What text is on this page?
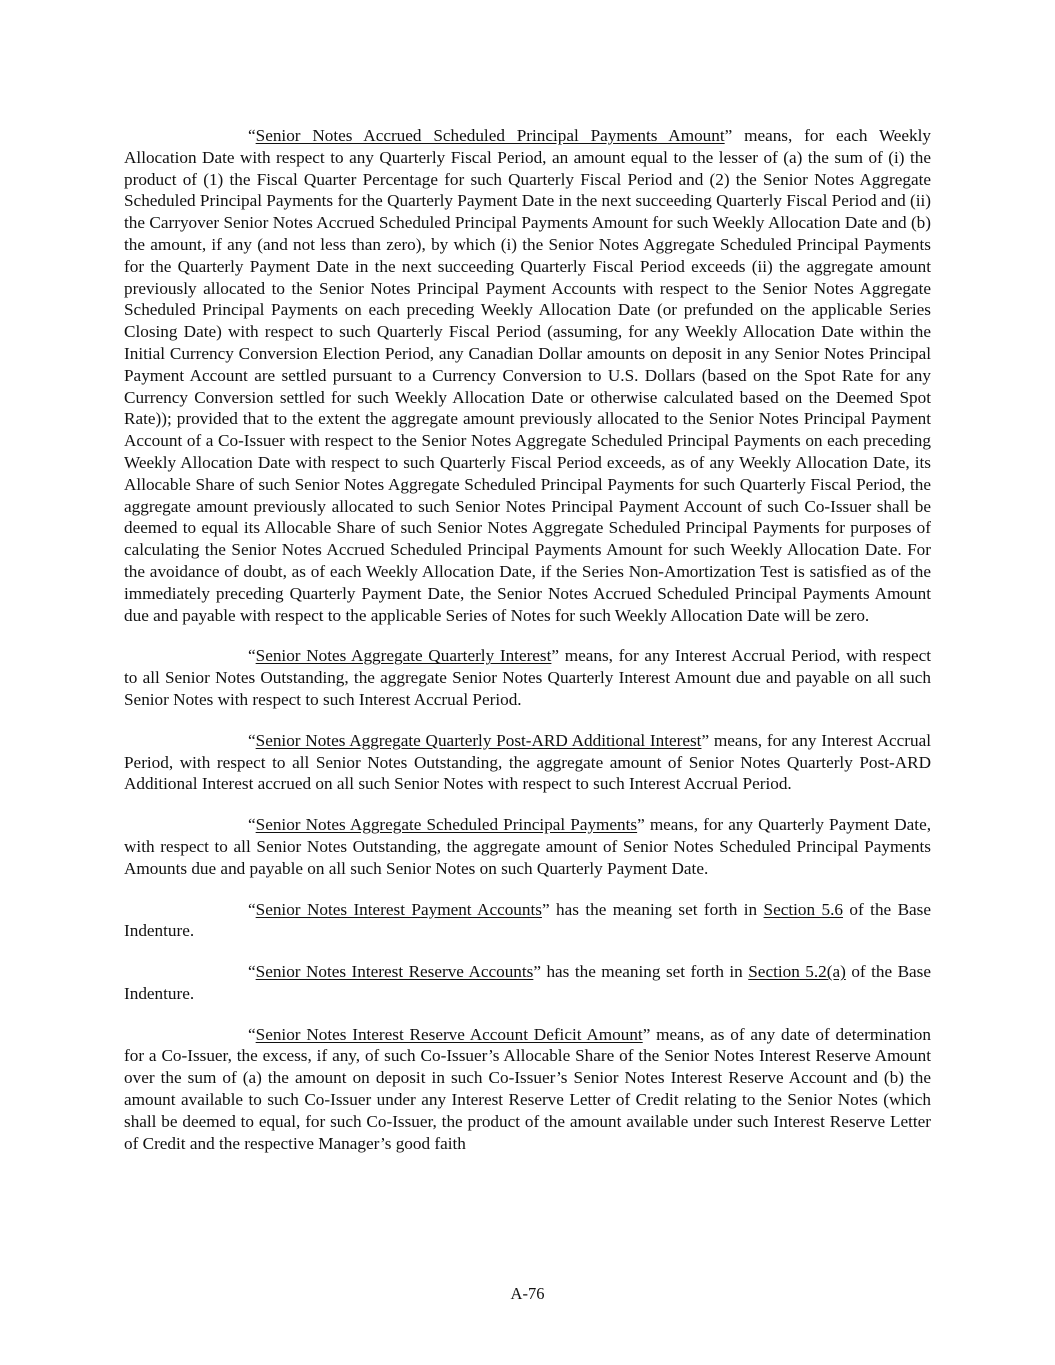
“Senior Notes Accrued Scheduled Principal Payments Amount” means, for each Weekly Allocation Date with respect to any Quarterly Fiscal Period, an amount equal to the lesser of (a) the sum of (i) the product of (1) the Fiscal Quarter Percentage for such Quarterly Fiscal Period and (2) the Senior Notes Aggregate Scheduled Principal Payments for the Quarterly Payment Date in the next succeeding Quarterly Fiscal Period and (ii) the Carryover Senior Notes Accrued Scheduled Principal Payments Amount for such Weekly Allocation Date and (b) the amount, if any (and not less than zero), by which (i) the Senior Notes Aggregate Scheduled Principal Payments for the Quarterly Payment Date in the next succeeding Quarterly Fiscal Period exceeds (ii) the aggregate amount previously allocated to the Senior Notes Principal Payment Accounts with respect to the Senior Notes Aggregate Scheduled Principal Payments on each preceding Weekly Allocation Date (or prefunded on the applicable Series Closing Date) with respect to such Quarterly Fiscal Period (assuming, for any Weekly Allocation Date within the Initial Currency Conversion Election Period, any Canadian Dollar amounts on deposit in any Senior Notes Principal Payment Account are settled pursuant to a Currency Conversion to U.S. Dollars (based on the Spot Rate for any Currency Conversion settled for such Weekly Allocation Date or otherwise calculated based on the Deemed Spot Rate)); provided that to the extent the aggregate amount previously allocated to the Senior Notes Principal Payment Account of a Co-Issuer with respect to the Senior Notes Aggregate Scheduled Principal Payments on each preceding Weekly Allocation Date with respect to such Quarterly Fiscal Period exceeds, as of any Weekly Allocation Date, its Allocable Share of such Senior Notes Aggregate Scheduled Principal Payments for such Quarterly Fiscal Period, the aggregate amount previously allocated to such Senior Notes Principal Payment Account of such Co-Issuer shall be deemed to equal its Allocable Share of such Senior Notes Aggregate Scheduled Principal Payments for purposes of calculating the Senior Notes Accrued Scheduled Principal Payments Amount for such Weekly Allocation Date. For the avoidance of doubt, as of each Weekly Allocation Date, if the Series Non-Amortization Test is satisfied as of the immediately preceding Quarterly Payment Date, the Senior Notes Accrued Scheduled Principal Payments Amount due and payable with respect to the applicable Series of Notes for such Weekly Allocation Date will be zero.

“Senior Notes Aggregate Quarterly Interest” means, for any Interest Accrual Period, with respect to all Senior Notes Outstanding, the aggregate Senior Notes Quarterly Interest Amount due and payable on all such Senior Notes with respect to such Interest Accrual Period.

“Senior Notes Aggregate Quarterly Post-ARD Additional Interest” means, for any Interest Accrual Period, with respect to all Senior Notes Outstanding, the aggregate amount of Senior Notes Quarterly Post-ARD Additional Interest accrued on all such Senior Notes with respect to such Interest Accrual Period.

“Senior Notes Aggregate Scheduled Principal Payments” means, for any Quarterly Payment Date, with respect to all Senior Notes Outstanding, the aggregate amount of Senior Notes Scheduled Principal Payments Amounts due and payable on all such Senior Notes on such Quarterly Payment Date.

“Senior Notes Interest Payment Accounts” has the meaning set forth in Section 5.6 of the Base Indenture.

“Senior Notes Interest Reserve Accounts” has the meaning set forth in Section 5.2(a) of the Base Indenture.

“Senior Notes Interest Reserve Account Deficit Amount” means, as of any date of determination for a Co-Issuer, the excess, if any, of such Co-Issuer’s Allocable Share of the Senior Notes Interest Reserve Amount over the sum of (a) the amount on deposit in such Co-Issuer’s Senior Notes Interest Reserve Account and (b) the amount available to such Co-Issuer under any Interest Reserve Letter of Credit relating to the Senior Notes (which shall be deemed to equal, for such Co-Issuer, the product of the amount available under such Interest Reserve Letter of Credit and the respective Manager’s good faith

A-76
